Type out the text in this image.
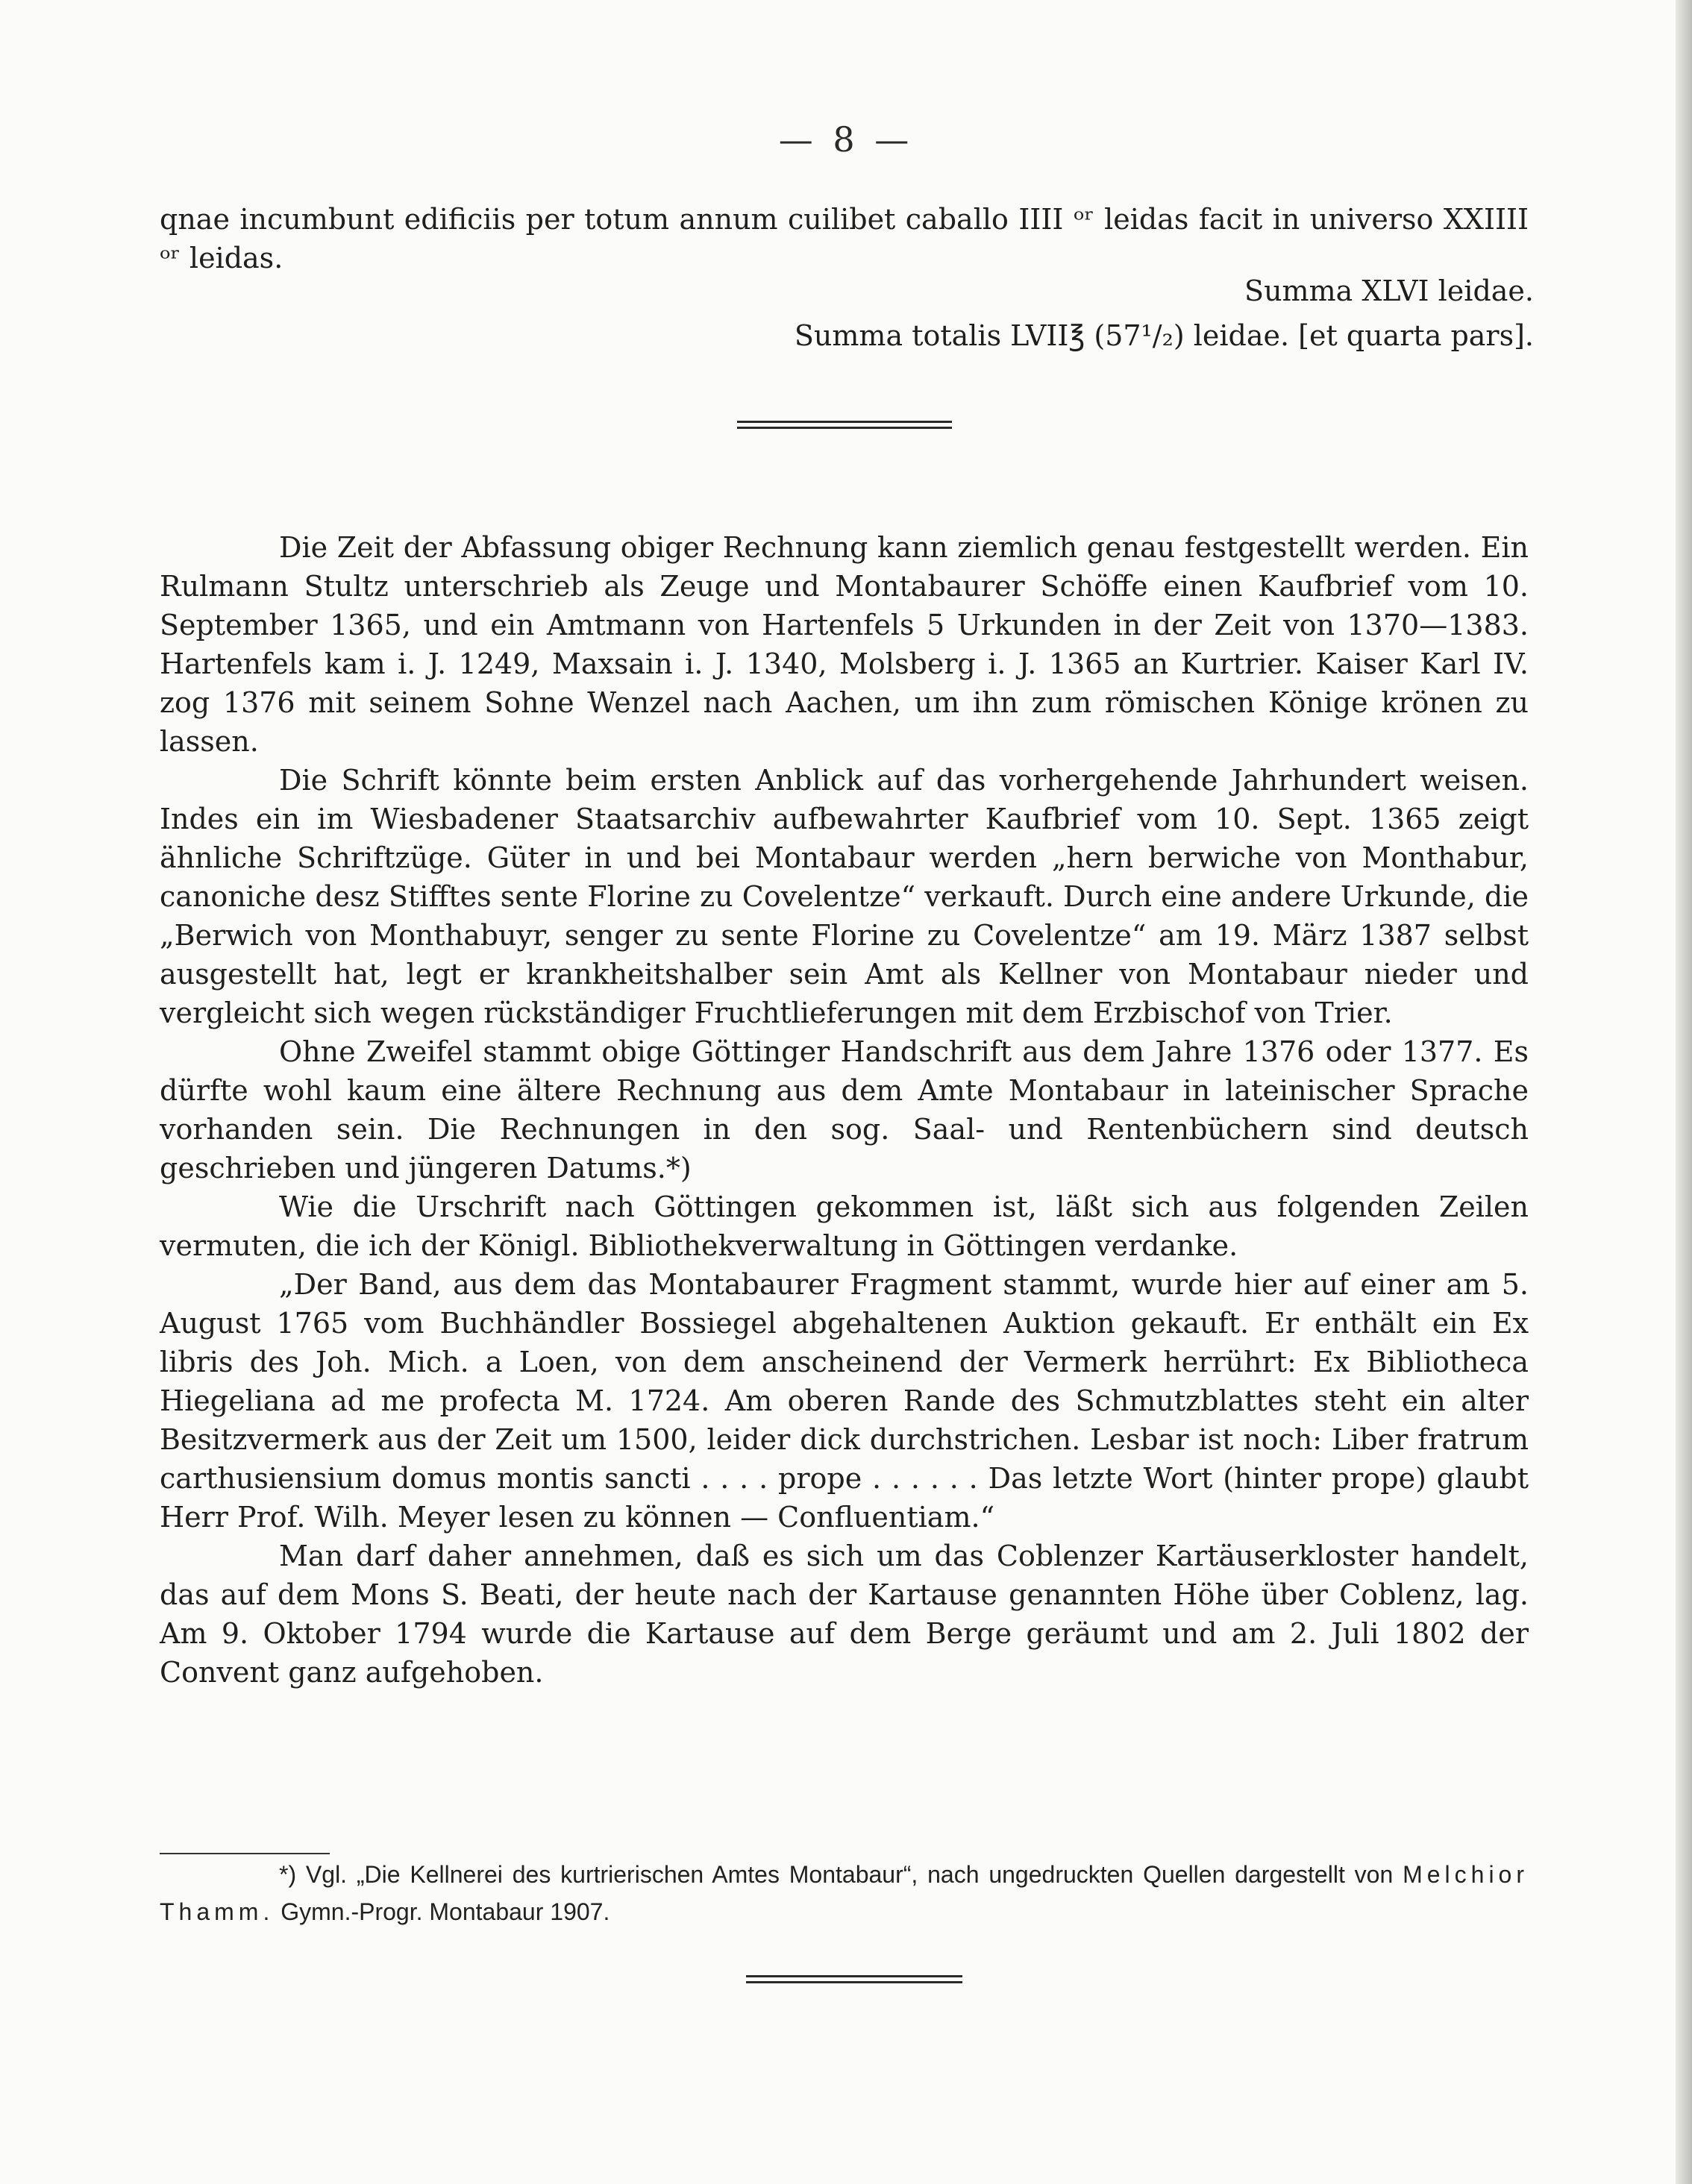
— 8 —
qnae incumbunt edificiis per totum annum cuilibet caballo IIII ᵒʳ leidas facit in universo XXIIII ᵒʳ leidas.
Summa XLVI leidae.
Summa totalis LVII℥ (57¹/₂) leidae. [et quarta pars].

Die Zeit der Abfassung obiger Rechnung kann ziemlich genau festgestellt werden. Ein Rulmann Stultz unterschrieb als Zeuge und Montabaurer Schöffe einen Kaufbrief vom 10. September 1365, und ein Amtmann von Hartenfels 5 Urkunden in der Zeit von 1370—1383. Hartenfels kam i. J. 1249, Maxsain i. J. 1340, Molsberg i. J. 1365 an Kurtrier. Kaiser Karl IV. zog 1376 mit seinem Sohne Wenzel nach Aachen, um ihn zum römischen Könige krönen zu lassen.

Die Schrift könnte beim ersten Anblick auf das vorhergehende Jahrhundert weisen. Indes ein im Wiesbadener Staatsarchiv aufbewahrter Kaufbrief vom 10. Sept. 1365 zeigt ähnliche Schriftzüge. Güter in und bei Montabaur werden „hern berwiche von Monthabur, canoniche desz Stifftes sente Florine zu Covelentze“ verkauft. Durch eine andere Urkunde, die „Berwich von Monthabuyr, senger zu sente Florine zu Covelentze“ am 19. März 1387 selbst ausgestellt hat, legt er krankheitshalber sein Amt als Kellner von Montabaur nieder und vergleicht sich wegen rückständiger Fruchtlieferungen mit dem Erzbischof von Trier.

Ohne Zweifel stammt obige Göttinger Handschrift aus dem Jahre 1376 oder 1377. Es dürfte wohl kaum eine ältere Rechnung aus dem Amte Montabaur in lateinischer Sprache vorhanden sein. Die Rechnungen in den sog. Saal- und Rentenbüchern sind deutsch geschrieben und jüngeren Datums.*)

Wie die Urschrift nach Göttingen gekommen ist, läßt sich aus folgenden Zeilen vermuten, die ich der Königl. Bibliothekverwaltung in Göttingen verdanke.

„Der Band, aus dem das Montabaurer Fragment stammt, wurde hier auf einer am 5. August 1765 vom Buchhändler Bossiegel abgehaltenen Auktion gekauft. Er enthält ein Ex libris des Joh. Mich. a Loen, von dem anscheinend der Vermerk herrührt: Ex Bibliotheca Hiegeliana ad me profecta M. 1724. Am oberen Rande des Schmutzblattes steht ein alter Besitzvermerk aus der Zeit um 1500, leider dick durchstrichen. Lesbar ist noch: Liber fratrum carthusiensium domus montis sancti . . . . prope . . . . . . Das letzte Wort (hinter prope) glaubt Herr Prof. Wilh. Meyer lesen zu können — Confluentiam.“

Man darf daher annehmen, daß es sich um das Coblenzer Kartäuserkloster handelt, das auf dem Mons S. Beati, der heute nach der Kartause genannten Höhe über Coblenz, lag. Am 9. Oktober 1794 wurde die Kartause auf dem Berge geräumt und am 2. Juli 1802 der Convent ganz aufgehoben.

*) Vgl. „Die Kellnerei des kurtrierischen Amtes Montabaur“, nach ungedruckten Quellen dargestellt von Melchior Thamm. Gymn.-Progr. Montabaur 1907.
